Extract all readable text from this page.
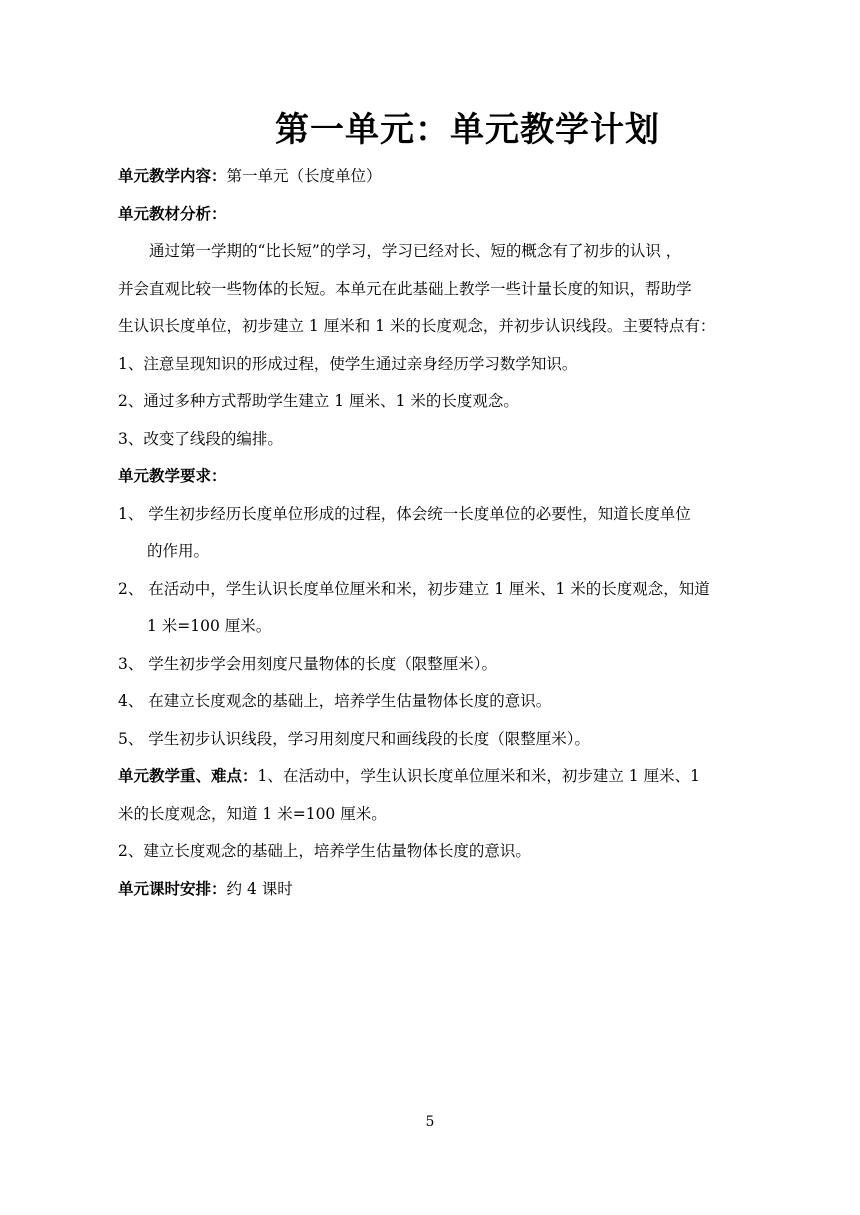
第一单元：单元教学计划
单元教学内容：第一单元（长度单位）
单元教材分析：
通过第一学期的“比长短”的学习，学习已经对长、短的概念有了初步的认识 ，
并会直观比较一些物体的长短。本单元在此基础上教学一些计量长度的知识，帮助学
生认识长度单位，初步建立 1 厘米和 1 米的长度观念，并初步认识线段。主要特点有：
1、注意呈现知识的形成过程，使学生通过亲身经历学习数学知识。
2、通过多种方式帮助学生建立 1 厘米、1 米的长度观念。
3、改变了线段的编排。
单元教学要求：
1、 学生初步经历长度单位形成的过程，体会统一长度单位的必要性，知道长度单位
的作用。
2、 在活动中，学生认识长度单位厘米和米，初步建立 1 厘米、1 米的长度观念，知道
1 米=100 厘米。
3、 学生初步学会用刻度尺量物体的长度（限整厘米）。
4、 在建立长度观念的基础上，培养学生估量物体长度的意识。
5、 学生初步认识线段，学习用刻度尺和画线段的长度（限整厘米）。
单元教学重、难点：1、在活动中，学生认识长度单位厘米和米，初步建立 1 厘米、1
米的长度观念，知道 1 米=100 厘米。
2、建立长度观念的基础上，培养学生估量物体长度的意识。
单元课时安排：约 4 课时
5
